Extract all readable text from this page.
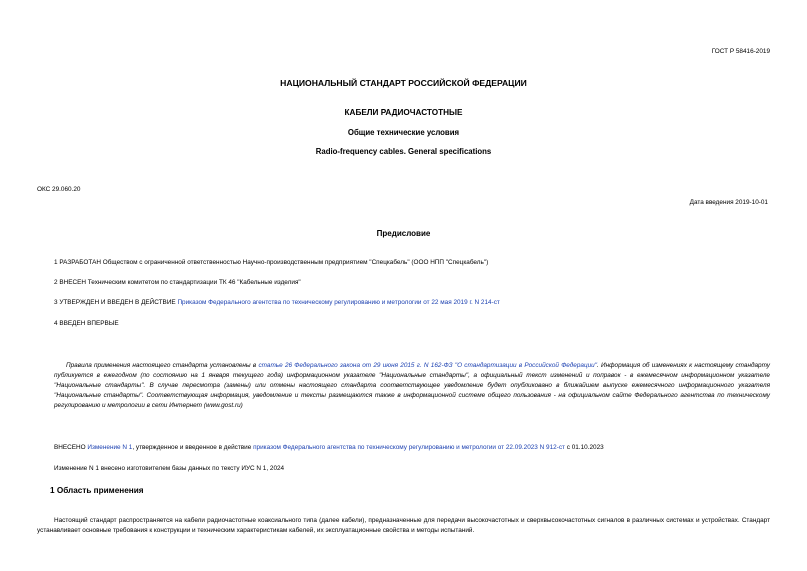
ГОСТ Р 58416-2019
НАЦИОНАЛЬНЫЙ СТАНДАРТ РОССИЙСКОЙ ФЕДЕРАЦИИ
КАБЕЛИ РАДИОЧАСТОТНЫЕ
Общие технические условия
Radio-frequency cables. General specifications
ОКС 29.060.20
Дата введения 2019-10-01
Предисловие
1 РАЗРАБОТАН Обществом с ограниченной ответственностью Научно-производственным предприятием "Спецкабель" (ООО НПП "Спецкабель")
2 ВНЕСЕН Техническим комитетом по стандартизации ТК 46 "Кабельные изделия"
3 УТВЕРЖДЕН И ВВЕДЕН В ДЕЙСТВИЕ Приказом Федерального агентства по техническому регулированию и метрологии от 22 мая 2019 г. N 214-ст
4 ВВЕДЕН ВПЕРВЫЕ
Правила применения настоящего стандарта установлены в статье 26 Федерального закона от 29 июня 2015 г. N 162-ФЗ "О стандартизации в Российской Федерации". Информация об изменениях к настоящему стандарту публикуется в ежегодном (по состоянию на 1 января текущего года) информационном указателе "Национальные стандарты", а официальный текст изменений и поправок - в ежемесячном информационном указателе "Национальные стандарты". В случае пересмотра (замены) или отмены настоящего стандарта соответствующее уведомление будет опубликовано в ближайшем выпуске ежемесячного информационного указателя "Национальные стандарты". Соответствующая информация, уведомление и тексты размещаются также в информационной системе общего пользования - на официальном сайте Федерального агентства по техническому регулированию и метрологии в сети Интернет (www.gost.ru)
ВНЕСЕНО Изменение N 1, утвержденное и введенное в действие приказом Федерального агентства по техническому регулированию и метрологии от 22.09.2023 N 912-ст с 01.10.2023
Изменение N 1 внесено изготовителем базы данных по тексту ИУС N 1, 2024
1 Область применения
Настоящий стандарт распространяется на кабели радиочастотные коаксиального типа (далее кабели), предназначенные для передачи высокочастотных и сверхвысокочастотных сигналов в различных системах и устройствах. Стандарт устанавливает основные требования к конструкции и техническим характеристикам кабелей, их эксплуатационные свойства и методы испытаний.
